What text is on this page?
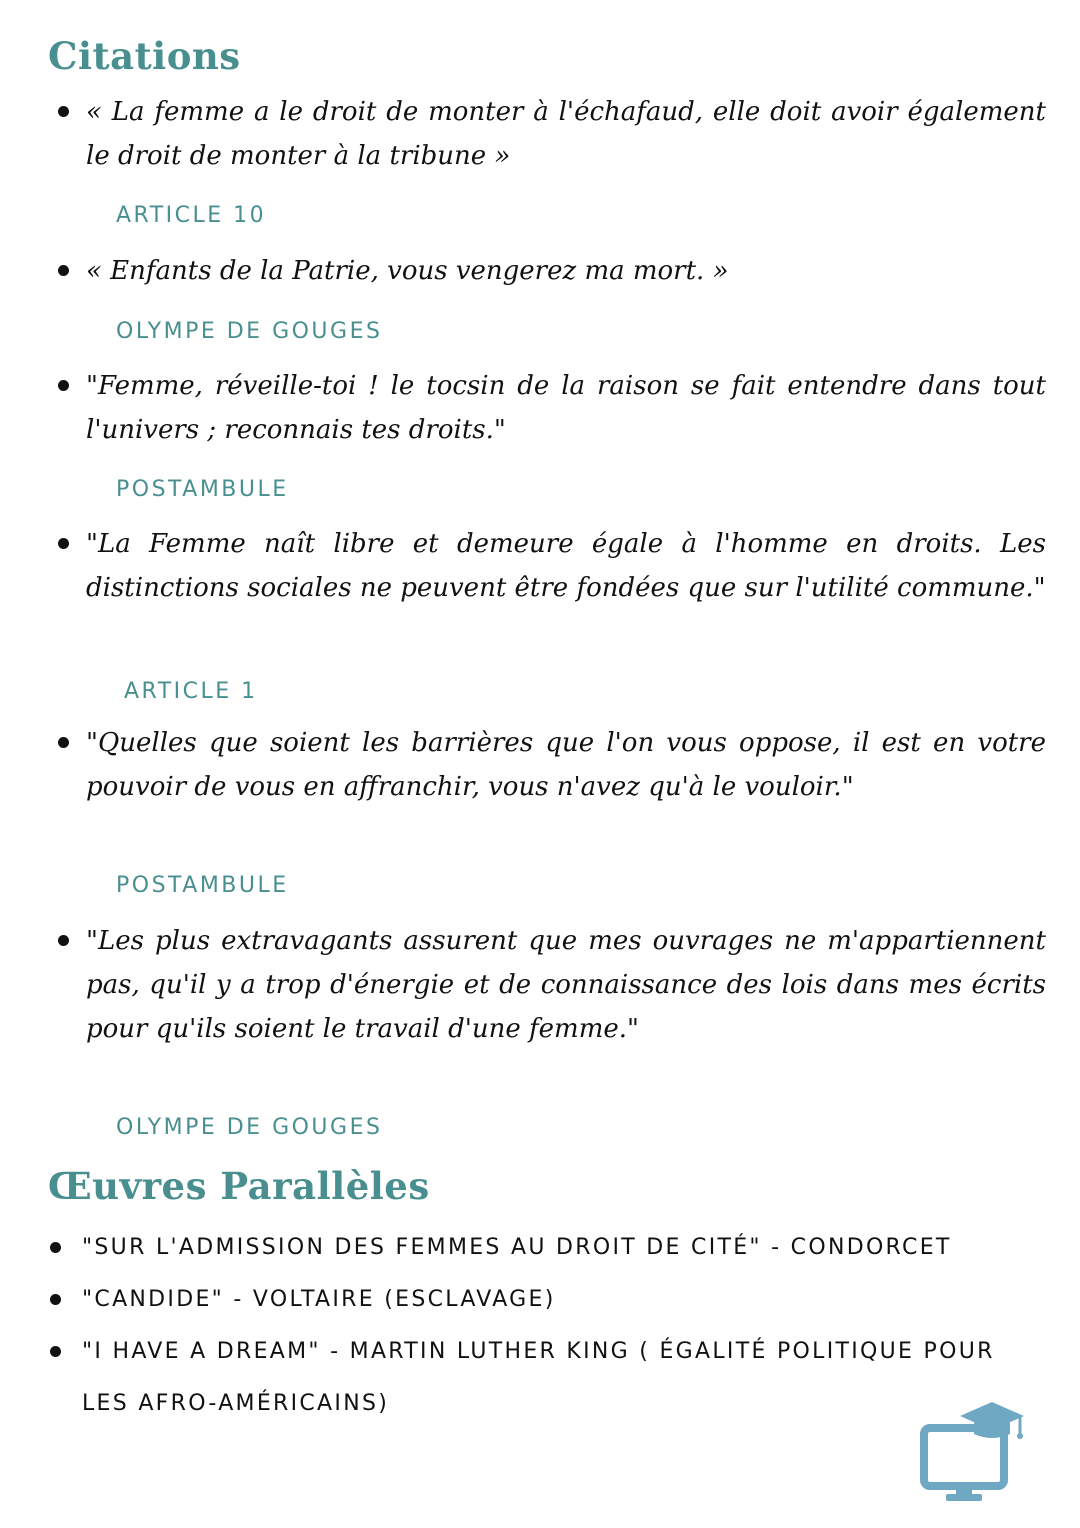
Citations

« La femme a le droit de monter à l'échafaud, elle doit avoir également le droit de monter à la tribune »

ARTICLE 10

« Enfants de la Patrie, vous vengerez ma mort. »

OLYMPE DE GOUGES

"Femme, réveille-toi ! le tocsin de la raison se fait entendre dans tout l'univers ; reconnais tes droits."

POSTAMBULE

"La Femme naît libre et demeure égale à l'homme en droits. Les distinctions sociales ne peuvent être fondées que sur l'utilité commune."

ARTICLE 1

"Quelles que soient les barrières que l'on vous oppose, il est en votre pouvoir de vous en affranchir, vous n'avez qu'à le vouloir."

POSTAMBULE

"Les plus extravagants assurent que mes ouvrages ne m'appartiennent pas, qu'il y a trop d'énergie et de connaissance des lois dans mes écrits pour qu'ils soient le travail d'une femme."

OLYMPE DE GOUGES

Œuvres Parallèles

"SUR L'ADMISSION DES FEMMES AU DROIT DE CITÉ" - CONDORCET

"CANDIDE" - VOLTAIRE (ESCLAVAGE)

"I HAVE A DREAM" - MARTIN LUTHER KING ( ÉGALITÉ POLITIQUE POUR LES AFRO-AMÉRICAINS)
